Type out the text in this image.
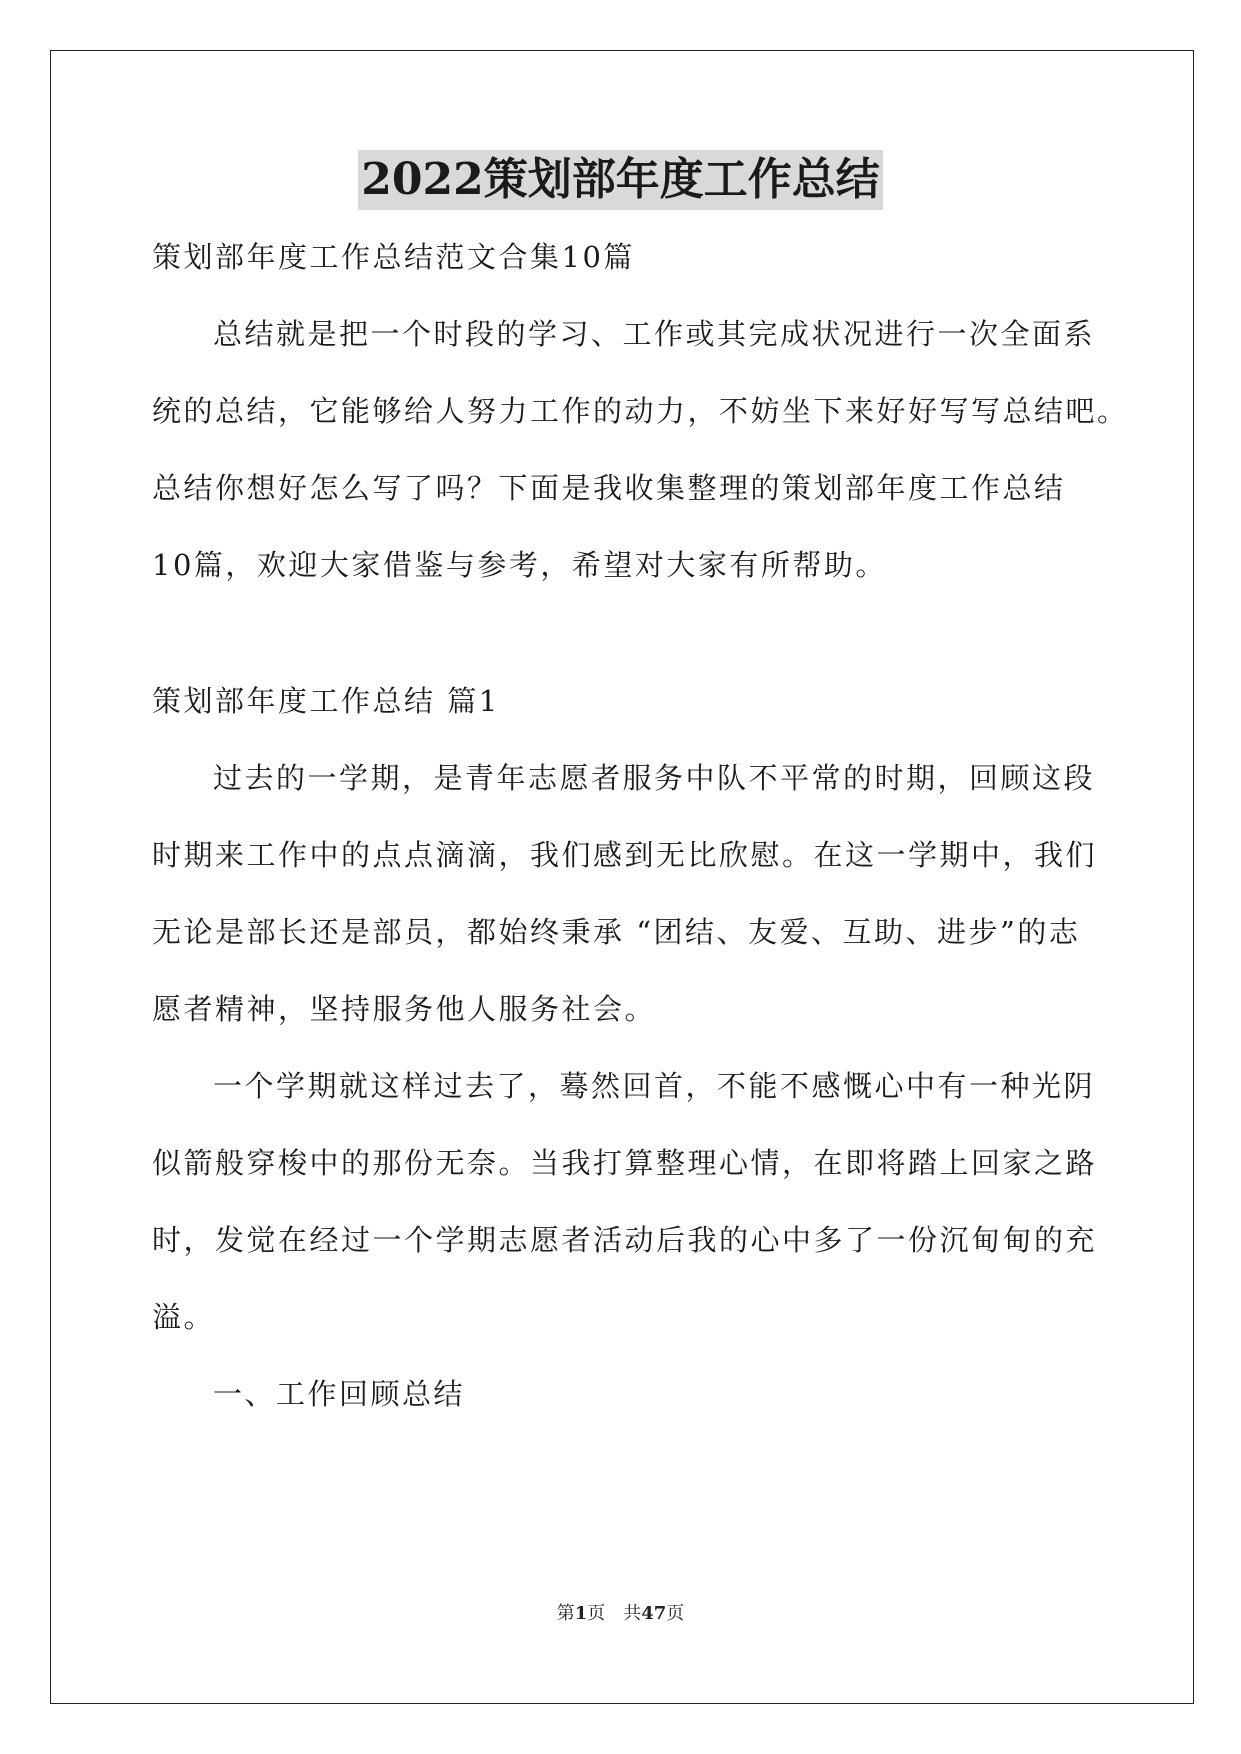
2022策划部年度工作总结
策划部年度工作总结范文合集10篇
总结就是把一个时段的学习、工作或其完成状况进行一次全面系
统的总结，它能够给人努力工作的动力，不妨坐下来好好写写总结吧。
总结你想好怎么写了吗？下面是我收集整理的策划部年度工作总结
10篇，欢迎大家借鉴与参考，希望对大家有所帮助。
策划部年度工作总结 篇1
过去的一学期，是青年志愿者服务中队不平常的时期，回顾这段
时期来工作中的点点滴滴，我们感到无比欣慰。在这一学期中，我们
无论是部长还是部员，都始终秉承 “团结、友爱、互助、进步”的志
愿者精神，坚持服务他人服务社会。
一个学期就这样过去了，蓦然回首，不能不感慨心中有一种光阴
似箭般穿梭中的那份无奈。当我打算整理心情，在即将踏上回家之路
时，发觉在经过一个学期志愿者活动后我的心中多了一份沉甸甸的充
溢。
一、工作回顾总结
第1页 共47页
